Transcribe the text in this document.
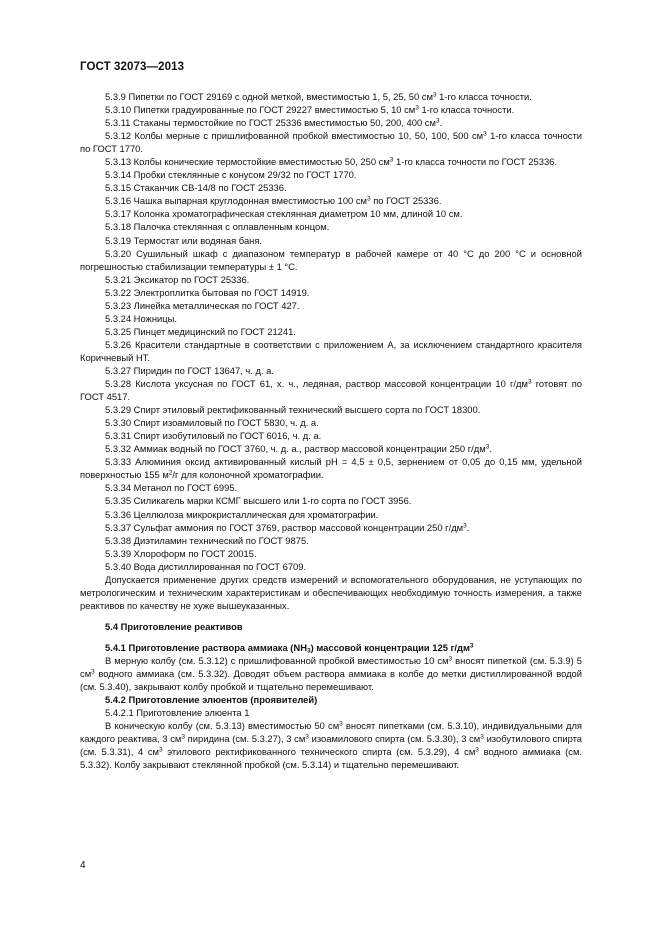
ГОСТ 32073—2013

5.3.9 Пипетки по ГОСТ 29169 с одной меткой, вместимостью 1, 5, 25, 50 $см^3$ 1-го класса точности.

5.3.10 Пипетки градуированные по ГОСТ 29227 вместимостью 5, 10 $см^3$ 1-го класса точности.

5.3.11 Стаканы термостойкие по ГОСТ 25336 вместимостью 50, 200, 400 $см^3$.

5.3.12 Колбы мерные с пришлифованной пробкой вместимостью 10, 50, 100, 500 $см^3$ 1-го класса точности по ГОСТ 1770.

5.3.13 Колбы конические термостойкие вместимостью 50, 250 $см^3$ 1-го класса точности по ГОСТ 25336.

5.3.14 Пробки стеклянные с конусом 29/32 по ГОСТ 1770.

5.3.15 Стаканчик СВ-14/8 по ГОСТ 25336.

5.3.16 Чашка выпарная круглодонная вместимостью 100 $см^3$ по ГОСТ 25336.

5.3.17 Колонка хроматографическая стеклянная диаметром 10 мм, длиной 10 см.

5.3.18 Палочка стеклянная с оплавленным концом.

5.3.19 Термостат или водяная баня.

5.3.20 Сушильный шкаф с диапазоном температур в рабочей камере от 40 °С до 200 °С и основной погрешностью стабилизации температуры ± 1 °С.

5.3.21 Эксикатор по ГОСТ 25336.

5.3.22 Электроплитка бытовая по ГОСТ 14919.

5.3.23 Линейка металлическая по ГОСТ 427.

5.3.24 Ножницы.

5.3.25 Пинцет медицинский по ГОСТ 21241.

5.3.26 Красители стандартные в соответствии с приложением А, за исключением стандартного красителя Коричневый НТ.

5.3.27 Пиридин по ГОСТ 13647, ч. д. а.

5.3.28 Кислота уксусная по ГОСТ 61, х. ч., ледяная, раствор массовой концентрации 10 $г/дм^3$ готовят по ГОСТ 4517.

5.3.29 Спирт этиловый ректификованный технический высшего сорта по ГОСТ 18300.

5.3.30 Спирт изоамиловый по ГОСТ 5830, ч. д. а.

5.3.31 Спирт изобутиловый по ГОСТ 6016, ч. д. а.

5.3.32 Аммиак водный по ГОСТ 3760, ч. д. а., раствор массовой концентрации 250 $г/дм^3$.

5.3.33 Алюминия оксид активированный кислый рН = 4,5 ± 0,5, зернением от 0,05 до 0,15 мм, удельной поверхностью 155 $м^2/г$ для колоночной хроматографии.

5.3.34 Метанол по ГОСТ 6995.

5.3.35 Силикагель марки КСМГ высшего или 1-го сорта по ГОСТ 3956.

5.3.36 Целлюлоза микрокристаллическая для хроматографии.

5.3.37 Сульфат аммония по ГОСТ 3769, раствор массовой концентрации 250 $г/дм^3$.

5.3.38 Диэтиламин технический по ГОСТ 9875.

5.3.39 Хлороформ по ГОСТ 20015.

5.3.40 Вода дистиллированная по ГОСТ 6709.

Допускается применение других средств измерений и вспомогательного оборудования, не уступающих по метрологическим и техническим характеристикам и обеспечивающих необходимую точность измерения, а также реактивов по качеству не хуже вышеуказанных.

5.4 Приготовление реактивов

5.4.1 Приготовление раствора аммиака $(NH_3)$ массовой концентрации 125 $г/дм^3$

В мерную колбу (см. 5.3.12) с пришлифованной пробкой вместимостью 10 $см^3$ вносят пипеткой (см. 5.3.9) 5 $см^3$ водного аммиака (см. 5.3.32). Доводят объем раствора аммиака в колбе до метки дистиллированной водой (см. 5.3.40), закрывают колбу пробкой и тщательно перемешивают.

5.4.2 Приготовление элюентов (проявителей)

5.4.2.1 Приготовление элюента 1

В коническую колбу (см. 5.3.13) вместимостью 50 $см^3$ вносят пипетками (см. 5.3.10), индивидуальными для каждого реактива, 3 $см^3$ пиридина (см. 5.3.27), 3 $см^3$ изоамилового спирта (см. 5.3.30), 3 $см^3$ изобутилового спирта (см. 5.3.31), 4 $см^3$ этилового ректификованного технического спирта (см. 5.3.29), 4 $см^3$ водного аммиака (см. 5.3.32). Колбу закрывают стеклянной пробкой (см. 5.3.14) и тщательно перемешивают.

4
